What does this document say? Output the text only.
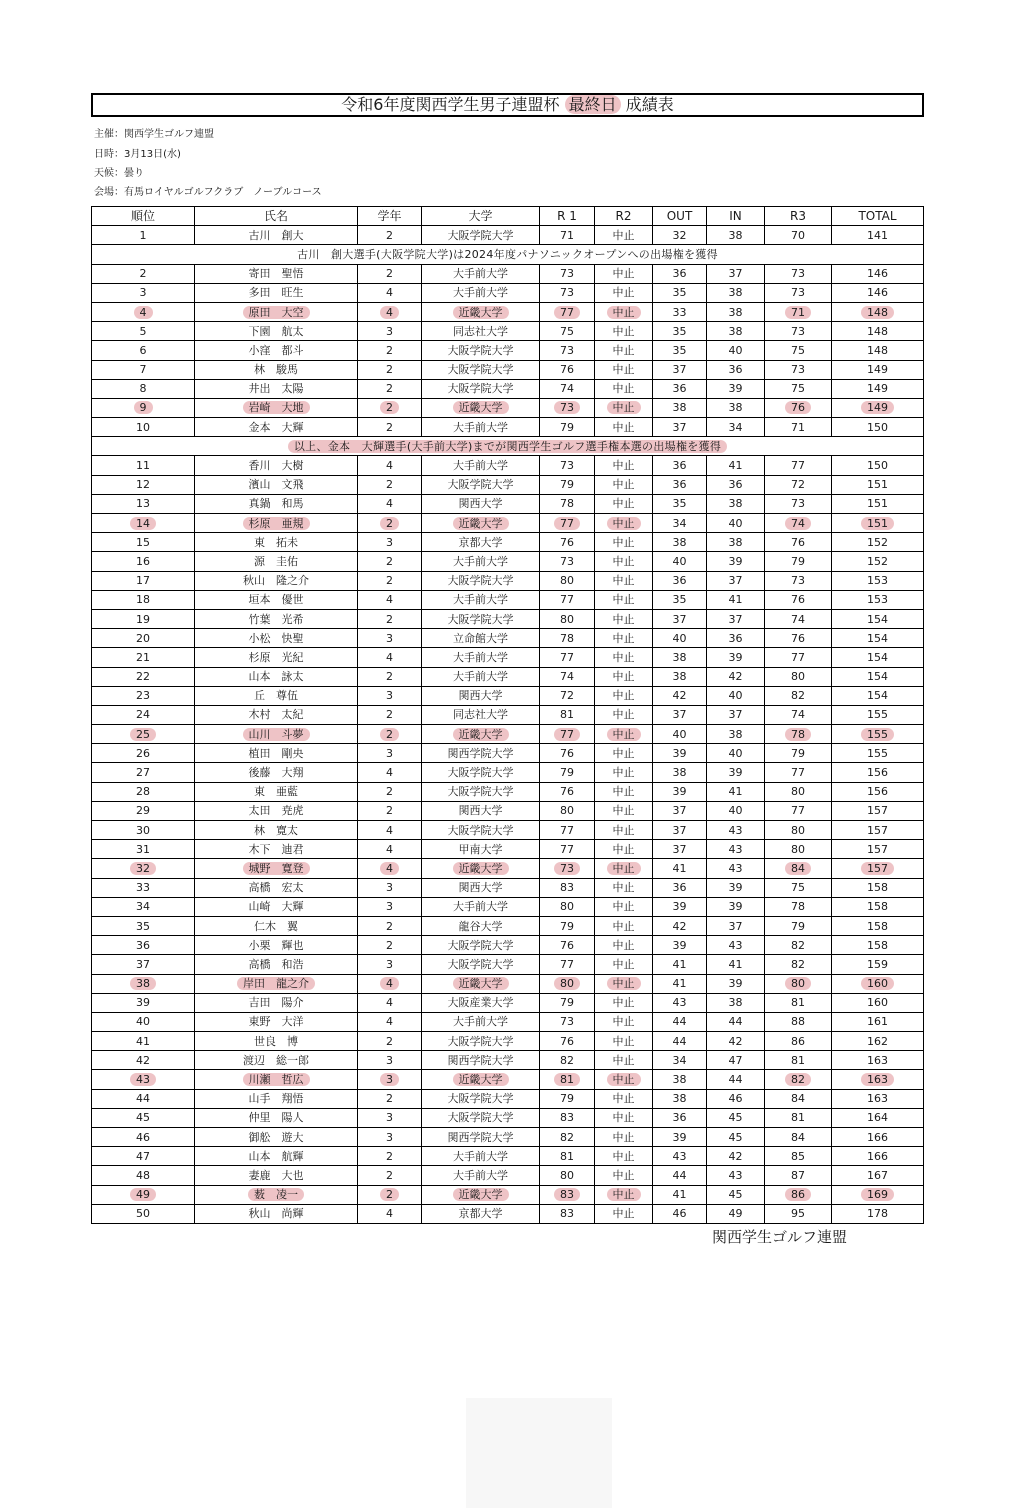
令和6年度関西学生男子連盟杯 最終日 成績表
主催：関西学生ゴルフ連盟
日時：3月13日(水)
天候：曇り
会場：有馬ロイヤルゴルフクラブ　ノーブルコース
順位	氏名	学年	大学	R 1	R2	OUT	IN	R3	TOTAL
1	古川　創大	2	大阪学院大学	71	中止	32	38	70	141
古川　創大選手(大阪学院大学)は2024年度パナソニックオープンへの出場権を獲得									
2	寄田　聖悟	2	大手前大学	73	中止	36	37	73	146
3	多田　旺生	4	大手前大学	73	中止	35	38	73	146
4	原田　大空	4	近畿大学	77	中止	33	38	71	148
5	下園　航太	3	同志社大学	75	中止	35	38	73	148
6	小窪　都斗	2	大阪学院大学	73	中止	35	40	75	148
7	林　駿馬	2	大阪学院大学	76	中止	37	36	73	149
8	井出　太陽	2	大阪学院大学	74	中止	36	39	75	149
9	岩崎　大地	2	近畿大学	73	中止	38	38	76	149
10	金本　大輝	2	大手前大学	79	中止	37	34	71	150
以上、金本　大輝選手(大手前大学)までが関西学生ゴルフ選手権本選の出場権を獲得									
11	香川　大樹	4	大手前大学	73	中止	36	41	77	150
12	濱山　文飛	2	大阪学院大学	79	中止	36	36	72	151
13	真鍋　和馬	4	関西大学	78	中止	35	38	73	151
14	杉原　亜規	2	近畿大学	77	中止	34	40	74	151
15	東　拓未	3	京都大学	76	中止	38	38	76	152
16	源　圭佑	2	大手前大学	73	中止	40	39	79	152
17	秋山　隆之介	2	大阪学院大学	80	中止	36	37	73	153
18	垣本　優世	4	大手前大学	77	中止	35	41	76	153
19	竹葉　光希	2	大阪学院大学	80	中止	37	37	74	154
20	小松　快聖	3	立命館大学	78	中止	40	36	76	154
21	杉原　光紀	4	大手前大学	77	中止	38	39	77	154
22	山本　詠太	2	大手前大学	74	中止	38	42	80	154
23	丘　尊伍	3	関西大学	72	中止	42	40	82	154
24	木村　太紀	2	同志社大学	81	中止	37	37	74	155
25	山川　斗夢	2	近畿大学	77	中止	40	38	78	155
26	植田　剛央	3	関西学院大学	76	中止	39	40	79	155
27	後藤　大翔	4	大阪学院大学	79	中止	38	39	77	156
28	東　亜藍	2	大阪学院大学	76	中止	39	41	80	156
29	太田　尭虎	2	関西大学	80	中止	37	40	77	157
30	林　寛太	4	大阪学院大学	77	中止	37	43	80	157
31	木下　迪君	4	甲南大学	77	中止	37	43	80	157
32	城野　寛登	4	近畿大学	73	中止	41	43	84	157
33	高橋　宏太	3	関西大学	83	中止	36	39	75	158
34	山崎　大輝	3	大手前大学	80	中止	39	39	78	158
35	仁木　翼	2	龍谷大学	79	中止	42	37	79	158
36	小栗　輝也	2	大阪学院大学	76	中止	39	43	82	158
37	高橋　和浩	3	大阪学院大学	77	中止	41	41	82	159
38	岸田　龍之介	4	近畿大学	80	中止	41	39	80	160
39	吉田　陽介	4	大阪産業大学	79	中止	43	38	81	160
40	東野　大洋	4	大手前大学	73	中止	44	44	88	161
41	世良　博	2	大阪学院大学	76	中止	44	42	86	162
42	渡辺　総一郎	3	関西学院大学	82	中止	34	47	81	163
43	川瀬　哲広	3	近畿大学	81	中止	38	44	82	163
44	山手　翔悟	2	大阪学院大学	79	中止	38	46	84	163
45	仲里　陽人	3	大阪学院大学	83	中止	36	45	81	164
46	御舩　遊大	3	関西学院大学	82	中止	39	45	84	166
47	山本　航輝	2	大手前大学	81	中止	43	42	85	166
48	妻鹿　大也	2	大手前大学	80	中止	44	43	87	167
49	薮　凌一	2	近畿大学	83	中止	41	45	86	169
50	秋山　尚輝	4	京都大学	83	中止	46	49	95	178
関西学生ゴルフ連盟
